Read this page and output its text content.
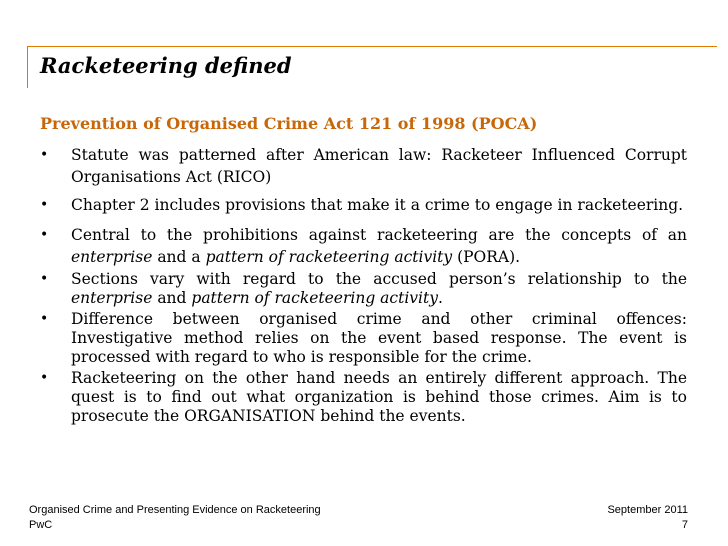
Racketeering defined
Prevention of Organised Crime Act 121 of 1998 (POCA)
•	Statute was patterned after American law: Racketeer Influenced Corrupt Organisations Act (RICO)
•	Chapter 2 includes provisions that make it a crime to engage in racketeering.
•	Central to the prohibitions against racketeering are the concepts of an enterprise and a pattern of racketeering activity (PORA).
•	Sections vary with regard to the accused person’s relationship to the enterprise and pattern of racketeering activity.
•	Difference between organised crime and other criminal offences: Investigative method relies on the event based response. The event is processed with regard to who is responsible for the crime.
•	Racketeering on the other hand needs an entirely different approach. The quest is to find out what organization is behind those crimes. Aim is to prosecute the ORGANISATION behind the events.
Organised Crime and Presenting Evidence on Racketeering
PwC
September 2011
7
